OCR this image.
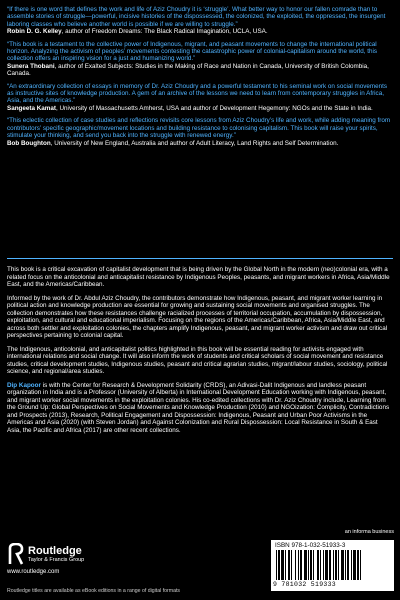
“If there is one word that defines the work and life of Aziz Choudry it is ‘struggle’. What better way to honor our fallen comrade than to assemble stories of struggle—powerful, incisive histories of the dispossessed, the colonized, the exploited, the oppressed, the insurgent laboring classes who believe another world is possible if we are willing to struggle.”
Robin D. G. Kelley, author of Freedom Dreams: The Black Radical Imagination, UCLA, USA.
“This book is a testament to the collective power of Indigenous, migrant, and peasant movements to change the international political horizon. Analyzing the activism of peoples’ movements contesting the catastrophic power of colonial-capitalism around the world, this collection offers an inspiring vision for a just and humanizing world.”
Sunera Thobani, author of Exalted Subjects: Studies in the Making of Race and Nation in Canada, University of British Colombia, Canada.
“An extraordinary collection of essays in memory of Dr. Aziz Choudry and a powerful testament to his seminal work on social movements as instructive sites of knowledge production. A gem of an archive of the lessons we need to learn from contemporary struggles in Africa, Asia, and the Americas.”
Sangeeta Kamat, University of Massachusetts Amherst, USA and author of Development Hegemony: NGOs and the State in India.
“This eclectic collection of case studies and reflections revisits core lessons from Aziz Choudry’s life and work, while adding meaning from contributors’ specific geographic/movement locations and building resistance to colonising capitalism. This book will raise your spirits, stimulate your thinking, and send you back into the struggle with renewed energy.”
Bob Boughton, University of New England, Australia and author of Adult Literacy, Land Rights and Self Determination.

This book is a critical excavation of capitalist development that is being driven by the Global North in the modern (neo)colonial era, with a related focus on the anticolonial and anticapitalist resistance by Indigenous Peoples, peasants, and migrant workers in Africa, Asia/Middle East, and the Americas/Caribbean.

Informed by the work of Dr. Abdul Aziz Choudry, the contributors demonstrate how Indigenous, peasant, and migrant worker learning in political action and knowledge production are essential for growing and sustaining social movements and organised struggles. The collection demonstrates how these resistances challenge racialized processes of territorial occupation, accumulation by dispossession, exploitation, and cultural and educational imperialism. Focusing on the regions of the Americas/Caribbean, Africa, Asia/Middle East, and across both settler and exploitation colonies, the chapters amplify Indigenous, peasant, and migrant worker activism and draw out critical perspectives pertaining to colonial capital.

The Indigenous, anticolonial, and anticapitalist politics highlighted in this book will be essential reading for activists engaged with international relations and social change. It will also inform the work of students and critical scholars of social movement and resistance studies, critical development studies, Indigenous studies, peasant and critical agrarian studies, migrant/labour studies, sociology, political science, and regional/area studies.

Dip Kapoor is with the Center for Research & Development Solidarity (CRDS), an Adivasi-Dalit Indigenous and landless peasant organization in India and is a Professor (University of Alberta) in International Development Education working with Indigenous, peasant, and migrant worker social movements in the exploitation colonies. His co-edited collections with Dr. Aziz Choudry include, Learning from the Ground Up: Global Perspectives on Social Movements and Knowledge Production (2010) and NGOization: Complicity, Contradictions and Prospects (2013), Research, Political Engagement and Dispossession: Indigenous, Peasant and Urban Poor Activisms in the Americas and Asia (2020) (with Steven Jordan) and Against Colonization and Rural Dispossession: Local Resistance in South & East Asia, the Pacific and Africa (2017) are other recent collections.

Routledge
Taylor & Francis Group
www.routledge.com
Routledge titles are available as eBook editions in a range of digital formats
an informa business
ISBN 978-1-032-51933-3
9 781032 519333
